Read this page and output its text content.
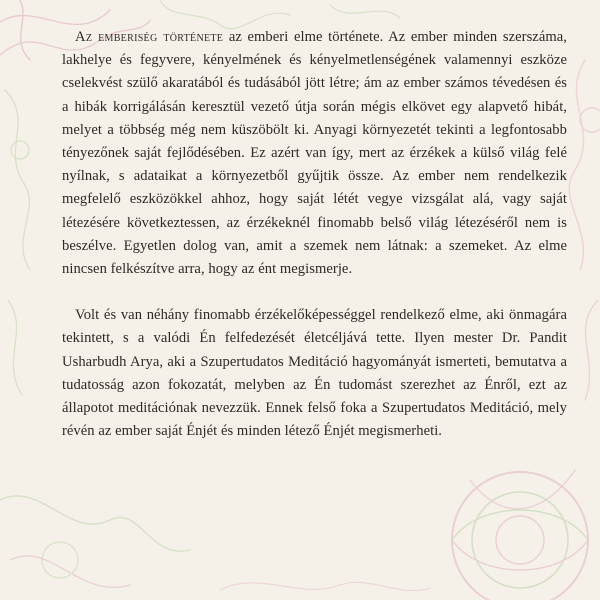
Az emberiség története az emberi elme története. Az ember minden szerszáma, lakhelye és fegyvere, kényelmének és kényelmetlenségének valamennyi eszköze cselekvést szülő akaratából és tudásából jött létre; ám az ember számos tévedésen és a hibák korrigálásán keresztül vezető útja során mégis elkövet egy alapvető hibát, melyet a többség még nem küszöbölt ki. Anyagi környezetét tekinti a legfontosabb tényezőnek saját fejlődésében. Ez azért van így, mert az érzékek a külső világ felé nyílnak, s adataikat a környezetből gyűjtik össze. Az ember nem rendelkezik megfelelő eszközökkel ahhoz, hogy saját létét vegye vizsgálat alá, vagy saját létezésére következtessen, az érzékeknél finomabb belső világ létezéséről nem is beszélve. Egyetlen dolog van, amit a szemek nem látnak: a szemeket. Az elme nincsen felkészítve arra, hogy az ént megismerje.

Volt és van néhány finomabb érzékelőképességgel rendelkező elme, aki önmagára tekintett, s a valódi Én felfedezését életcéljává tette. Ilyen mester Dr. Pandit Usharbudh Arya, aki a Szupertudatos Meditáció hagyományát ismerteti, bemutatva a tudatosság azon fokozatát, melyben az Én tudomást szerezhet az Énről, ezt az állapotot meditációnak nevezzük. Ennek felső foka a Szupertudatos Meditáció, mely révén az ember saját Énjét és minden létező Énjét megismerheti.
